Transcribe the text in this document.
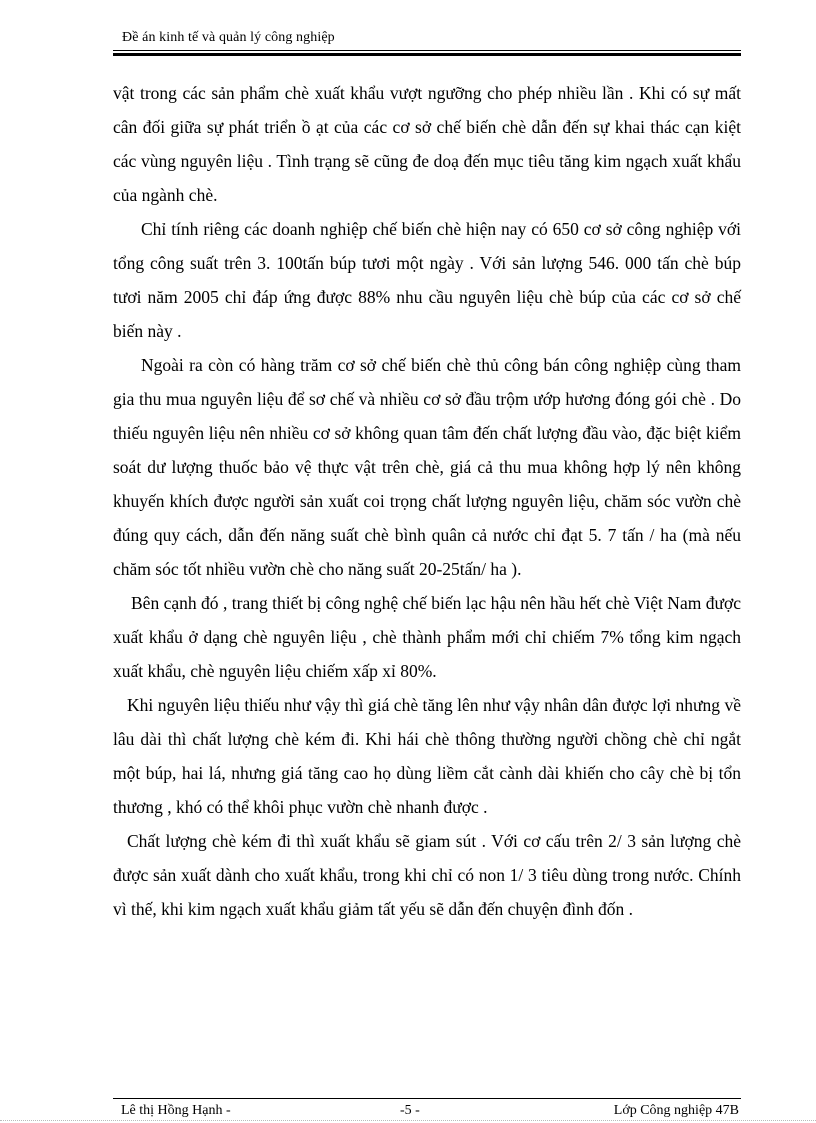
Đề án kinh tế và quản lý công nghiệp

vật trong các sản phẩm chè xuất khẩu vượt ngưỡng cho phép nhiều lần . Khi có sự mất cân đối giữa sự phát triển ồ ạt của các cơ sở chế biến chè dẫn đến sự khai thác cạn kiệt các vùng nguyên liệu . Tình trạng sẽ cũng đe doạ đến mục tiêu tăng kim ngạch xuất khẩu của ngành chè.

Chỉ tính riêng các doanh nghiệp chế biến chè hiện nay có 650 cơ sở công nghiệp với tổng công suất trên 3. 100tấn búp tươi một ngày . Với sản lượng 546. 000 tấn chè búp tươi năm 2005 chỉ đáp ứng được 88% nhu cầu nguyên liệu chè búp của các cơ sở chế biến này .

Ngoài ra còn có hàng trăm cơ sở chế biến chè thủ công bán công nghiệp cùng tham gia thu mua nguyên liệu để sơ chế và nhiều cơ sở đầu trộm ướp hương đóng gói chè . Do thiếu nguyên liệu nên nhiều cơ sở không quan tâm đến chất lượng đầu vào, đặc biệt kiểm soát dư lượng thuốc bảo vệ thực vật trên chè, giá cả thu mua không hợp lý nên không khuyến khích được người sản xuất coi trọng chất lượng nguyên liệu, chăm sóc vườn chè đúng quy cách, dẫn đến năng suất chè bình quân cả nước chỉ đạt 5. 7 tấn / ha (mà nếu chăm sóc tốt nhiều vườn chè cho năng suất 20-25tấn/ ha ).

Bên cạnh đó , trang thiết bị công nghệ chế biến lạc hậu nên hầu hết chè Việt Nam được xuất khẩu ở dạng chè nguyên liệu , chè thành phẩm mới chỉ chiếm 7% tổng kim ngạch xuất khẩu, chè nguyên liệu chiếm xấp xỉ 80%.

Khi nguyên liệu thiếu như vậy thì giá chè tăng lên như vậy nhân dân được lợi nhưng về lâu dài thì chất lượng chè kém đi. Khi hái chè thông thường người chồng chè chỉ ngắt một búp, hai lá, nhưng giá tăng cao họ dùng liềm cắt cành dài khiến cho cây chè bị tổn thương , khó có thể khôi phục vườn chè nhanh được .

Chất lượng chè kém đi thì xuất khẩu sẽ giam sút . Với cơ cấu trên 2/ 3 sản lượng chè được sản xuất dành cho xuất khẩu, trong khi chỉ có non 1/ 3 tiêu dùng trong nước. Chính vì thế, khi kim ngạch xuất khẩu giảm tất yếu sẽ dẫn đến chuyện đình đốn .

Lê thị Hồng Hạnh -	-5 -	Lớp Công nghiệp 47B
